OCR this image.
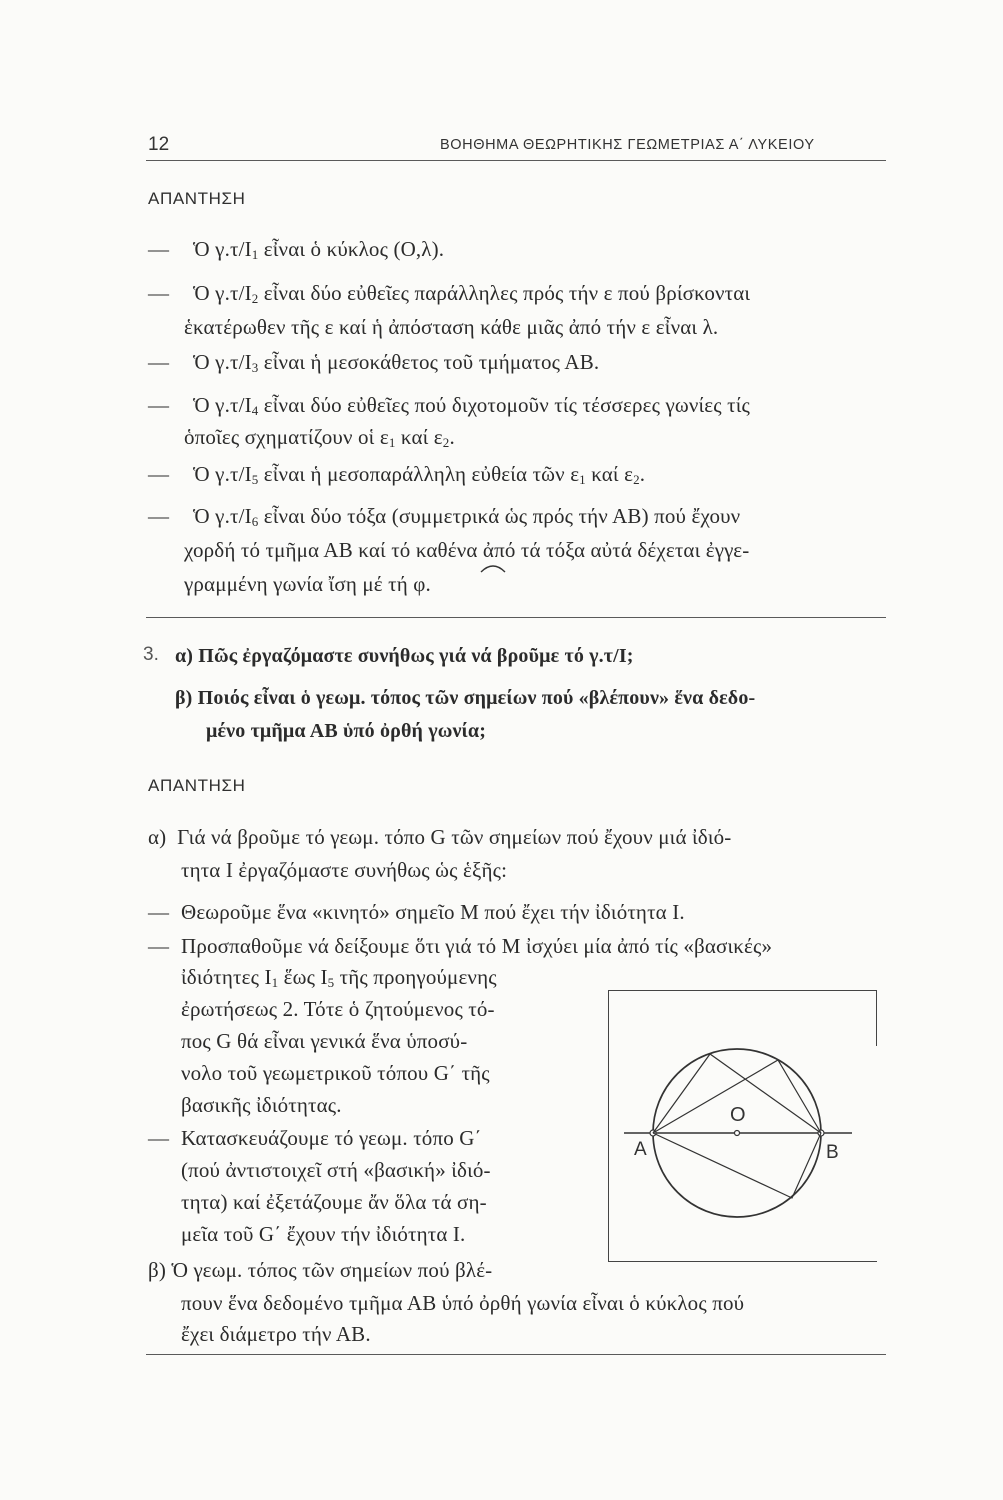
12	ΒΟΗΘΗΜΑ ΘΕΩΡΗΤΙΚΗΣ ΓΕΩΜΕΤΡΙΑΣ Α΄ ΛΥΚΕΙΟΥ
ΑΠΑΝΤΗΣΗ
— Ὁ $\gamma.\tau/I_1$ εἶναι ὁ κύκλος (Ο,λ).
— Ὁ $\gamma.\tau/I_2$ εἶναι δύο εὐθεῖες παράλληλες πρός τήν ε πού βρίσκονται
ἑκατέρωθεν τῆς ε καί ἡ ἀπόσταση κάθε μιᾶς ἀπό τήν ε εἶναι λ.
— Ὁ $\gamma.\tau/I_3$ εἶναι ἡ μεσοκάθετος τοῦ τμήματος ΑΒ.
— Ὁ $\gamma.\tau/I_4$ εἶναι δύο εὐθεῖες πού διχοτομοῦν τίς τέσσερες γωνίες τίς
ὁποῖες σχηματίζουν οἱ $\varepsilon_1$ καί $\varepsilon_2$.
— Ὁ $\gamma.\tau/I_5$ εἶναι ἡ μεσοπαράλληλη εὐθεία τῶν $\varepsilon_1$ καί $\varepsilon_2$.
— Ὁ $\gamma.\tau/I_6$ εἶναι δύο τόξα (συμμετρικά ὡς πρός τήν ΑΒ) πού ἔχουν
χορδή τό τμῆμα ΑΒ καί τό καθένα ἀπό τά τόξα αὐτά δέχεται ἐγγε-
γραμμένη γωνία ἴση μέ τή φ.
3. α) Πῶς ἐργαζόμαστε συνήθως γιά νά βροῦμε τό γ.τ/Ι;
β) Ποιός εἶναι ὁ γεωμ. τόπος τῶν σημείων πού «βλέπουν» ἕνα δεδο-
μένο τμῆμα ΑΒ ὑπό ὀρθή γωνία;
ΑΠΑΝΤΗΣΗ
α) Γιά νά βροῦμε τό γεωμ. τόπο G τῶν σημείων πού ἔχουν μιά ἰδιό-
τητα Ι ἐργαζόμαστε συνήθως ὡς ἑξῆς:
— Θεωροῦμε ἕνα «κινητό» σημεῖο Μ πού ἔχει τήν ἰδιότητα Ι.
— Προσπαθοῦμε νά δείξουμε ὅτι γιά τό Μ ἰσχύει μία ἀπό τίς «βασικές»
ἰδιότητες $I_1$ ἕως $I_5$ τῆς προηγούμενης
ἐρωτήσεως 2. Τότε ὁ ζητούμενος τό-
πος G θά εἶναι γενικά ἕνα ὑποσύ-
νολο τοῦ γεωμετρικοῦ τόπου G΄ τῆς
βασικῆς ἰδιότητας.
— Κατασκευάζουμε τό γεωμ. τόπο G΄
(πού ἀντιστοιχεῖ στή «βασική» ἰδιό-
τητα) καί ἐξετάζουμε ἄν ὅλα τά ση-
μεῖα τοῦ G΄ ἔχουν τήν ἰδιότητα Ι.
β) Ὁ γεωμ. τόπος τῶν σημείων πού βλέ-
πουν ἕνα δεδομένο τμῆμα ΑΒ ὑπό ὀρθή γωνία εἶναι ὁ κύκλος πού
ἔχει διάμετρο τήν ΑΒ.
O
A	B
